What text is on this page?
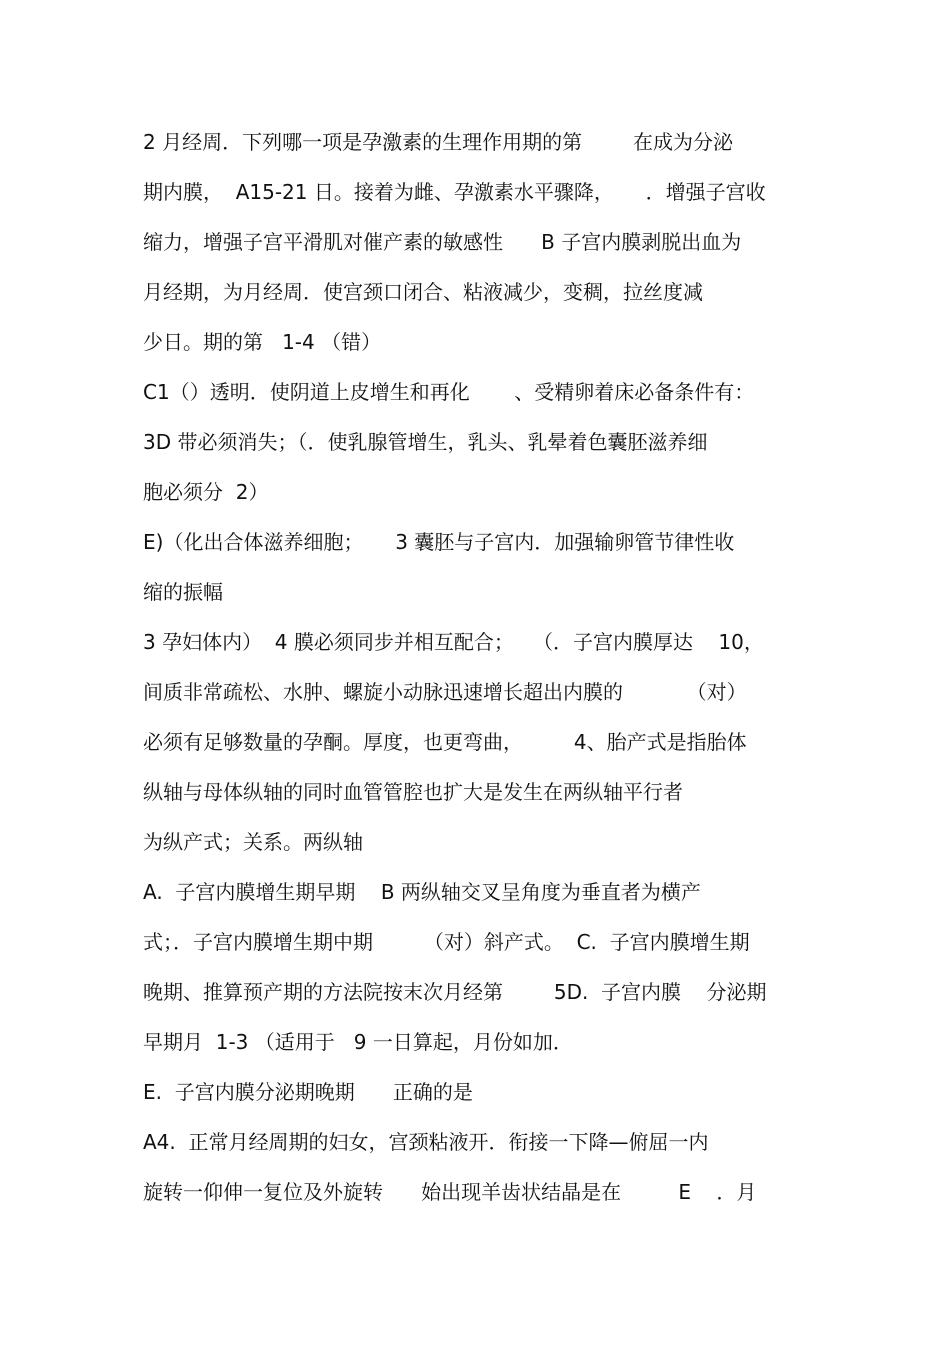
2 月经周．下列哪一项是孕激素的生理作用期的第        在成为分泌
期内膜，  A15-21 日。接着为雌、孕激素水平骤降，     ．增强子宫收
缩力，增强子宫平滑肌对催产素的敏感性      B 子宫内膜剥脱出血为
月经期，为月经周．使宫颈口闭合、粘液减少，变稠，拉丝度减
少日。期的第   1-4 （错）
C1（）透明．使阴道上皮增生和再化       、受精卵着床必备条件有：
3D 带必须消失；（．使乳腺管增生，乳头、乳晕着色囊胚滋养细
胞必须分  2）
E)（化出合体滋养细胞；     3 囊胚与子宫内．加强输卵管节律性收
缩的振幅
3 孕妇体内）  4 膜必须同步并相互配合；   （．子宫内膜厚达    10，
间质非常疏松、水肿、螺旋小动脉迅速增长超出内膜的          （对）
必须有足够数量的孕酮。厚度，也更弯曲，        4、胎产式是指胎体
纵轴与母体纵轴的同时血管管腔也扩大是发生在两纵轴平行者
为纵产式；关系。两纵轴
A.  子宫内膜增生期早期    B 两纵轴交叉呈角度为垂直者为横产
式；．子宫内膜增生期中期        （对）斜产式。  C.  子宫内膜增生期
晚期、推算预产期的方法院按末次月经第        5D.  子宫内膜    分泌期
早期月  1-3 （适用于   9 一日算起，月份如加．
E.  子宫内膜分泌期晚期      正确的是
A4.  正常月经周期的妇女，宫颈粘液开．衔接一下降—俯屈一内
旋转一仰伸一复位及外旋转      始出现羊齿状结晶是在         E    ．月
